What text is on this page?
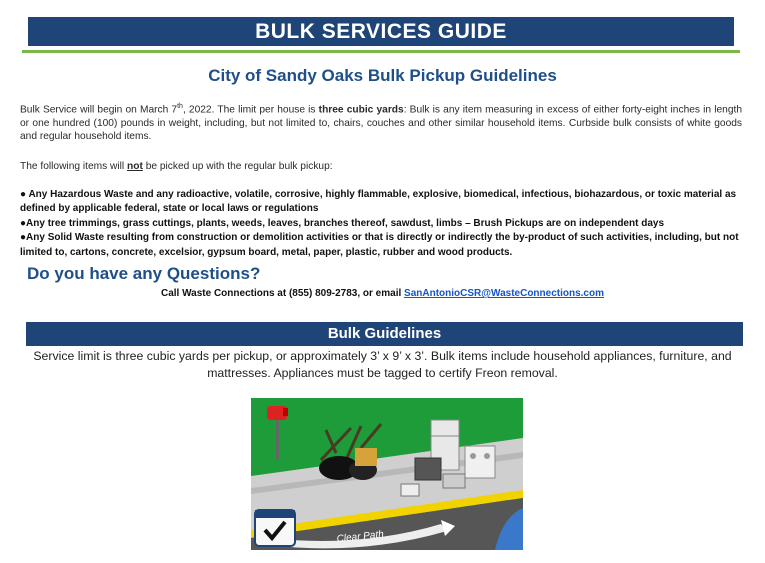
BULK SERVICES GUIDE
City of Sandy Oaks Bulk Pickup Guidelines
Bulk Service will begin on March 7th, 2022. The limit per house is three cubic yards: Bulk is any item measuring in excess of either forty-eight inches in length or one hundred (100) pounds in weight, including, but not limited to, chairs, couches and other similar household items. Curbside bulk consists of white goods and regular household items.
The following items will not be picked up with the regular bulk pickup:
● Any Hazardous Waste and any radioactive, volatile, corrosive, highly flammable, explosive, biomedical, infectious, biohazardous, or toxic material as defined by applicable federal, state or local laws or regulations
●Any tree trimmings, grass cuttings, plants, weeds, leaves, branches thereof, sawdust, limbs – Brush Pickups are on independent days
●Any Solid Waste resulting from construction or demolition activities or that is directly or indirectly the by-product of such activities, including, but not limited to, cartons, concrete, excelsior, gypsum board, metal, paper, plastic, rubber and wood products.
Do you have any Questions?
Call Waste Connections at (855) 809-2783, or email SanAntonioCSR@WasteConnections.com
Bulk Guidelines
Service limit is three cubic yards per pickup, or approximately 3’ x 9’ x 3’. Bulk items include household appliances, furniture, and mattresses. Appliances must be tagged to certify Freon removal.
Clear Path
